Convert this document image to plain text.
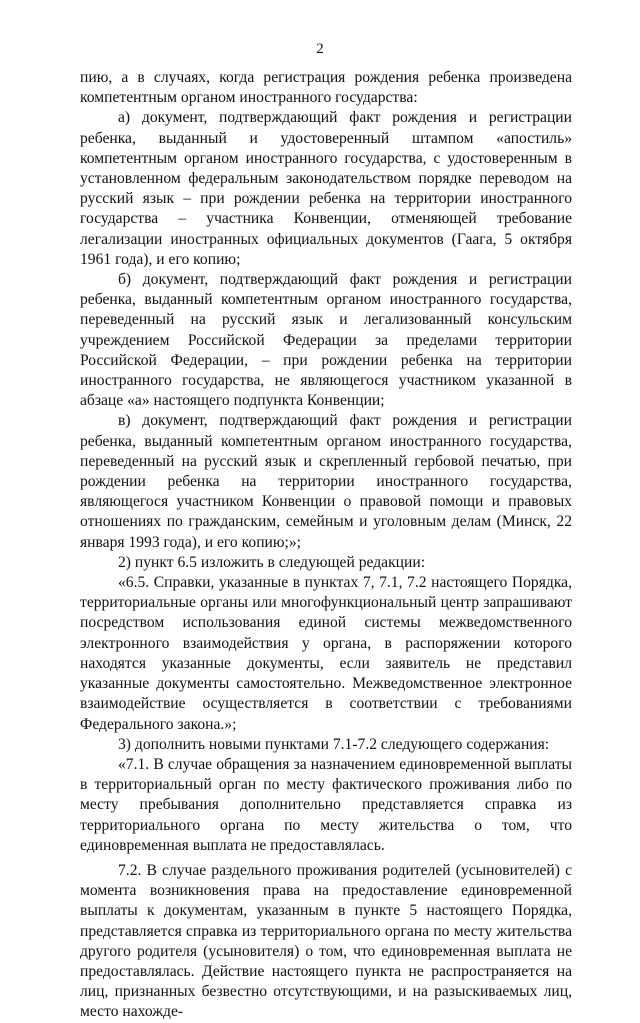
2

пию, а в случаях, когда регистрация рождения ребенка произведена компетентным органом иностранного государства:

а) документ, подтверждающий факт рождения и регистрации ребенка, выданный и удостоверенный штампом «апостиль» компетентным органом иностранного государства, с удостоверенным в установленном федеральным законодательством порядке переводом на русский язык – при рождении ребенка на территории иностранного государства – участника Конвенции, отменяющей требование легализации иностранных официальных документов (Гаага, 5 октября 1961 года), и его копию;

б) документ, подтверждающий факт рождения и регистрации ребенка, выданный компетентным органом иностранного государства, переведенный на русский язык и легализованный консульским учреждением Российской Федерации за пределами территории Российской Федерации, – при рождении ребенка на территории иностранного государства, не являющегося участником указанной в абзаце «а» настоящего подпункта Конвенции;

в) документ, подтверждающий факт рождения и регистрации ребенка, выданный компетентным органом иностранного государства, переведенный на русский язык и скрепленный гербовой печатью, при рождении ребенка на территории иностранного государства, являющегося участником Конвенции о правовой помощи и правовых отношениях по гражданским, семейным и уголовным делам (Минск, 22 января 1993 года), и его копию;»;

2) пункт 6.5 изложить в следующей редакции:

«6.5. Справки, указанные в пунктах 7, 7.1, 7.2 настоящего Порядка, территориальные органы или многофункциональный центр запрашивают посредством использования единой системы межведомственного электронного взаимодействия у органа, в распоряжении которого находятся указанные документы, если заявитель не представил указанные документы самостоятельно. Межведомственное электронное взаимодействие осуществляется в соответствии с требованиями Федерального закона.»;

3) дополнить новыми пунктами 7.1-7.2 следующего содержания:

«7.1. В случае обращения за назначением единовременной выплаты в территориальный орган по месту фактического проживания либо по месту пребывания дополнительно представляется справка из территориального органа по месту жительства о том, что единовременная выплата не предоставлялась.

7.2. В случае раздельного проживания родителей (усыновителей) с момента возникновения права на предоставление единовременной выплаты к документам, указанным в пункте 5 настоящего Порядка, представляется справка из территориального органа по месту жительства другого родителя (усыновителя) о том, что единовременная выплата не предоставлялась. Действие настоящего пункта не распространяется на лиц, признанных безвестно отсутствующими, и на разыскиваемых лиц, место нахожде-
